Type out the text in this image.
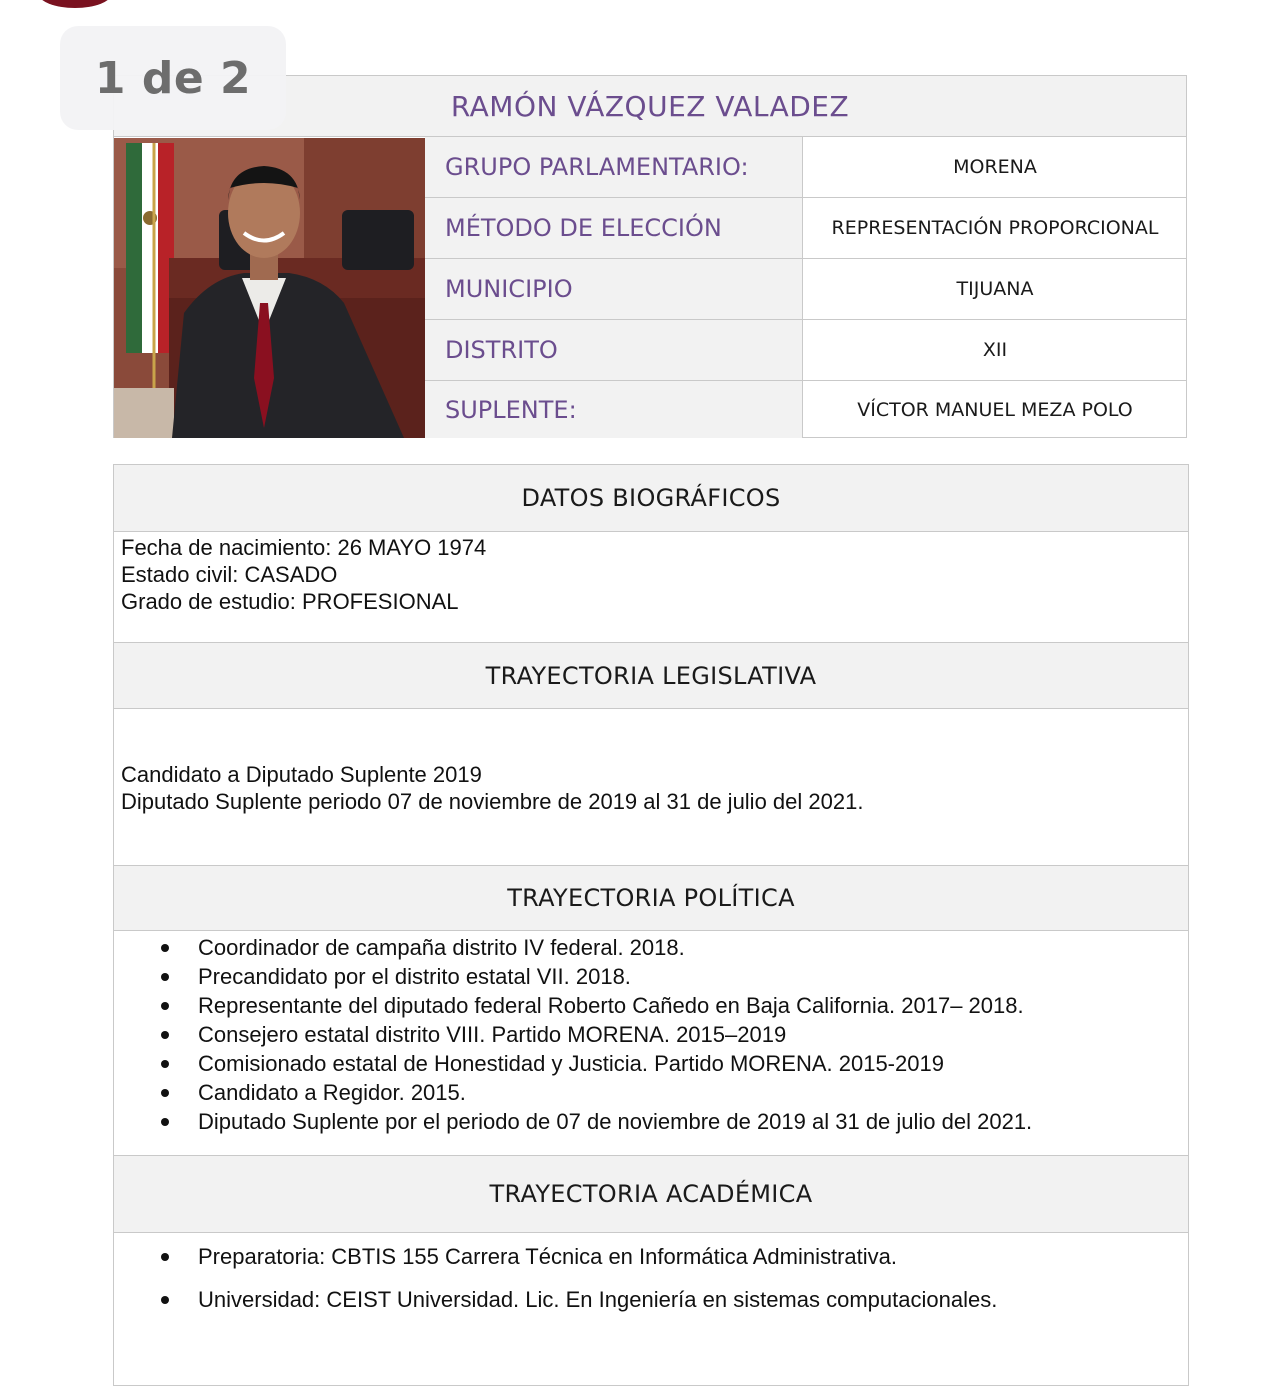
1 de 2
RAMÓN VÁZQUEZ VALADEZ
GRUPO PARLAMENTARIO:	MORENA
MÉTODO DE ELECCIÓN	REPRESENTACIÓN PROPORCIONAL
MUNICIPIO	TIJUANA
DISTRITO	XII
SUPLENTE:	VÍCTOR MANUEL MEZA POLO
DATOS BIOGRÁFICOS
Fecha de nacimiento: 26 MAYO 1974
Estado civil: CASADO
Grado de estudio: PROFESIONAL
TRAYECTORIA LEGISLATIVA
Candidato a Diputado Suplente 2019
Diputado Suplente periodo 07 de noviembre de 2019 al 31 de julio del 2021.
TRAYECTORIA POLÍTICA
Coordinador de campaña distrito IV federal. 2018.
Precandidato por el distrito estatal VII. 2018.
Representante del diputado federal Roberto Cañedo en Baja California. 2017– 2018.
Consejero estatal distrito VIII. Partido MORENA. 2015–2019
Comisionado estatal de Honestidad y Justicia. Partido MORENA. 2015-2019
Candidato a Regidor. 2015.
Diputado Suplente por el periodo de 07 de noviembre de 2019 al 31 de julio del 2021.
TRAYECTORIA ACADÉMICA
Preparatoria: CBTIS 155 Carrera Técnica en Informática Administrativa.
Universidad: CEIST Universidad. Lic. En Ingeniería en sistemas computacionales.
